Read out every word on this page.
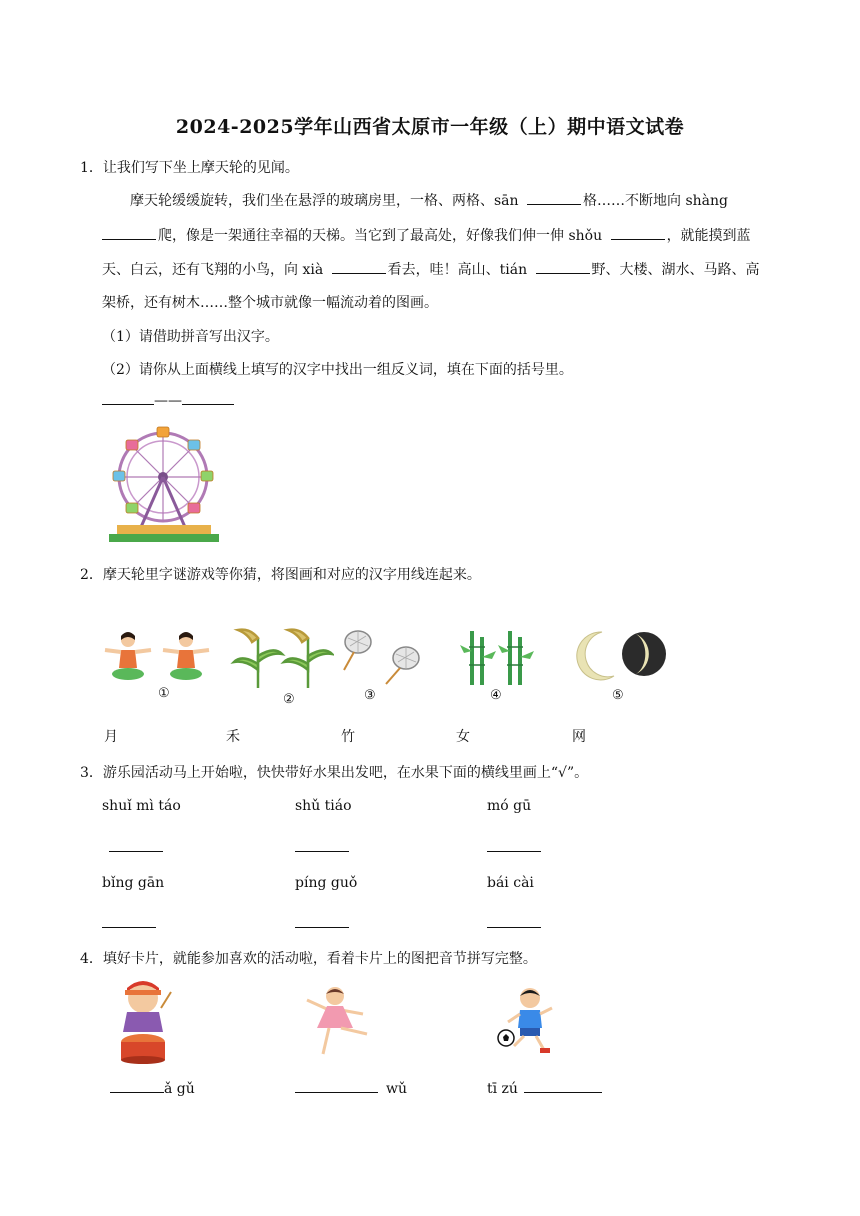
2024-2025学年山西省太原市一年级（上）期中语文试卷
1．让我们写下坐上摩天轮的见闻。
摩天轮缓缓旋转，我们坐在悬浮的玻璃房里，一格、两格、sān	格……不断地向 shàng
爬，像是一架通往幸福的天梯。当它到了最高处，好像我们伸一伸 shǒu	，就能摸到蓝
天、白云，还有飞翔的小鸟，向 xià	看去，哇！高山、tián	野、大楼、湖水、马路、高
架桥，还有树木……整个城市就像一幅流动着的图画。
（1）请借助拼音写出汉字。
（2）请你从上面横线上填写的汉字中找出一组反义词，填在下面的括号里。
——
2．摩天轮里字谜游戏等你猜，将图画和对应的汉字用线连起来。
①	②	③	④	⑤
月	禾	竹	女	网
3．游乐园活动马上开始啦，快快带好水果出发吧，在水果下面的横线里画上“√”。
shuǐ mì táo	shǔ tiáo	mó gū
bǐng gān	píng guǒ	bái cài
4．填好卡片，就能参加喜欢的活动啦，看着卡片上的图把音节拼写完整。
ǎ gǔ	wǔ	tī zú
